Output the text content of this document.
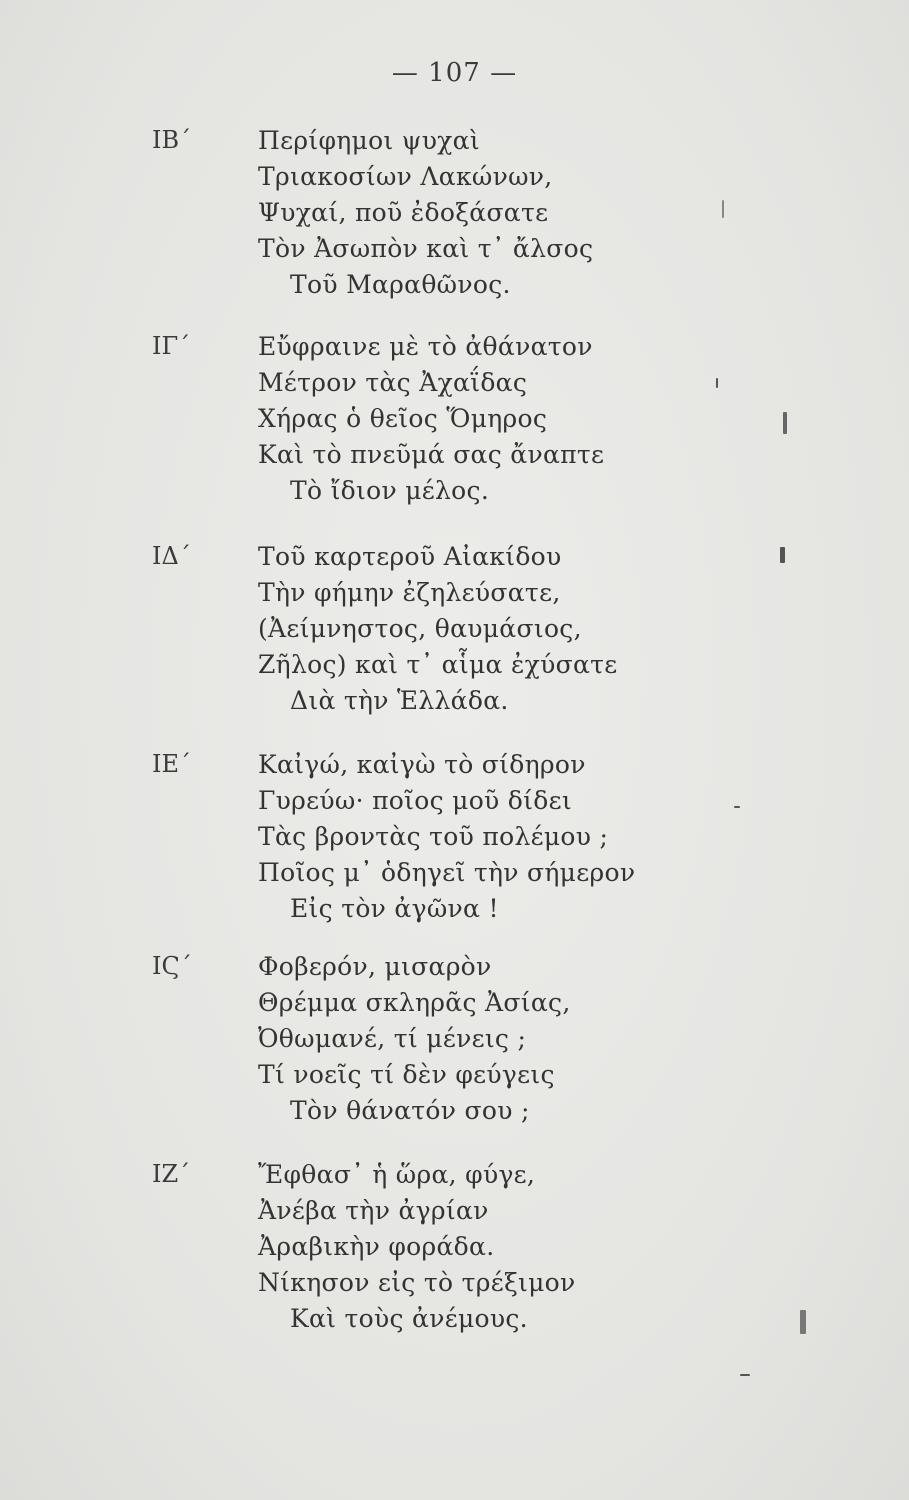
— 107 —
IΒ΄	Περίφημοι ψυχαὶ
Τριακοσίων Λακώνων,
Ψυχαί, ποῦ ἐδοξάσατε
Τὸν Ἀσωπὸν καὶ τ᾽ ἄλσος
Τοῦ Μαραθῶνος.
IΓ΄	Εὔφραινε μὲ τὸ ἀθάνατον
Μέτρον τὰς Ἀχαΐδας
Χήρας ὁ θεῖος Ὅμηρος
Καὶ τὸ πνεῦμά σας ἄναπτε
Τὸ ἴδιον μέλος.
IΔ΄	Τοῦ καρτεροῦ Αἰακίδου
Τὴν φήμην ἐζηλεύσατε,
(Ἀείμνηστος, θαυμάσιος,
Ζῆλος) καὶ τ᾽ αἷμα ἐχύσατε
Διὰ τὴν Ἑλλάδα.
IΕ΄	Καἰγώ, καἰγὼ τὸ σίδηρον
Γυρεύω· ποῖος μοῦ δίδει
Τὰς βροντὰς τοῦ πολέμου ;
Ποῖος μ᾽ ὁδηγεῖ τὴν σήμερον
Εἰς τὸν ἀγῶνα !
IϚ΄	Φοβερόν, μισαρὸν
Θρέμμα σκληρᾶς Ἀσίας,
Ὀθωμανέ, τί μένεις ;
Τί νοεῖς τί δὲν φεύγεις
Τὸν θάνατόν σου ;
IΖ΄	Ἔφθασ᾽ ἡ ὥρα, φύγε,
Ἀνέβα τὴν ἀγρίαν
Ἀραβικὴν φοράδα.
Νίκησον εἰς τὸ τρέξιμον
Καὶ τοὺς ἀνέμους.
